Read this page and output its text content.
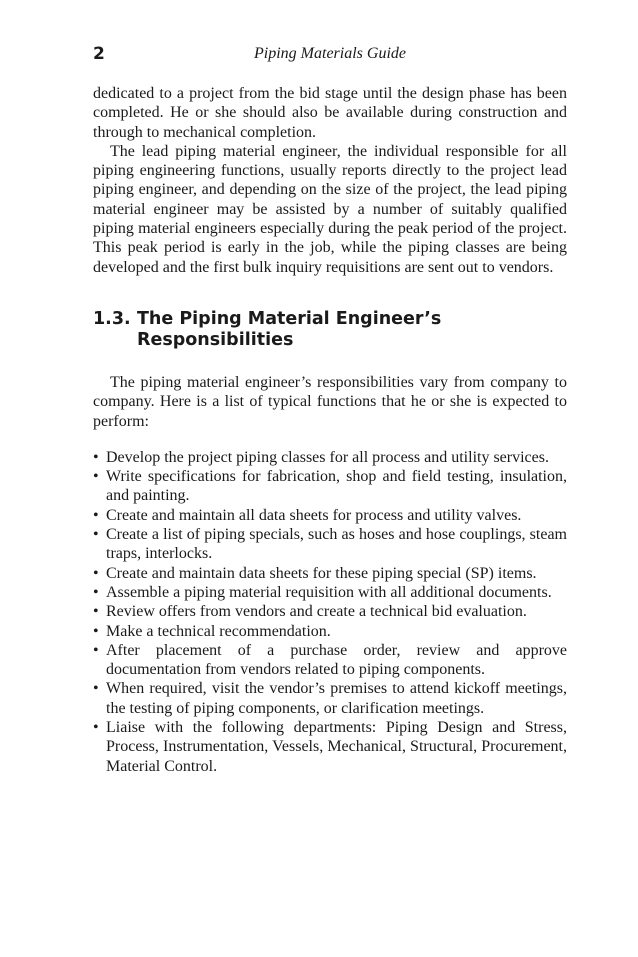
2	Piping Materials Guide

dedicated to a project from the bid stage until the design phase has been completed. He or she should also be available during construction and through to mechanical completion.

The lead piping material engineer, the individual responsible for all piping engineering functions, usually reports directly to the project lead piping engineer, and depending on the size of the project, the lead piping material engineer may be assisted by a number of suitably qualified piping material engineers especially during the peak period of the project. This peak period is early in the job, while the piping classes are being developed and the first bulk inquiry requisitions are sent out to vendors.

1.3. The Piping Material Engineer’s Responsibilities

The piping material engineer’s responsibilities vary from company to company. Here is a list of typical functions that he or she is expected to perform:

• Develop the project piping classes for all process and utility services.
• Write specifications for fabrication, shop and field testing, insulation, and painting.
• Create and maintain all data sheets for process and utility valves.
• Create a list of piping specials, such as hoses and hose couplings, steam traps, interlocks.
• Create and maintain data sheets for these piping special (SP) items.
• Assemble a piping material requisition with all additional documents.
• Review offers from vendors and create a technical bid evaluation.
• Make a technical recommendation.
• After placement of a purchase order, review and approve documentation from vendors related to piping components.
• When required, visit the vendor’s premises to attend kickoff meetings, the testing of piping components, or clarification meetings.
• Liaise with the following departments: Piping Design and Stress, Process, Instrumentation, Vessels, Mechanical, Structural, Procurement, Material Control.
